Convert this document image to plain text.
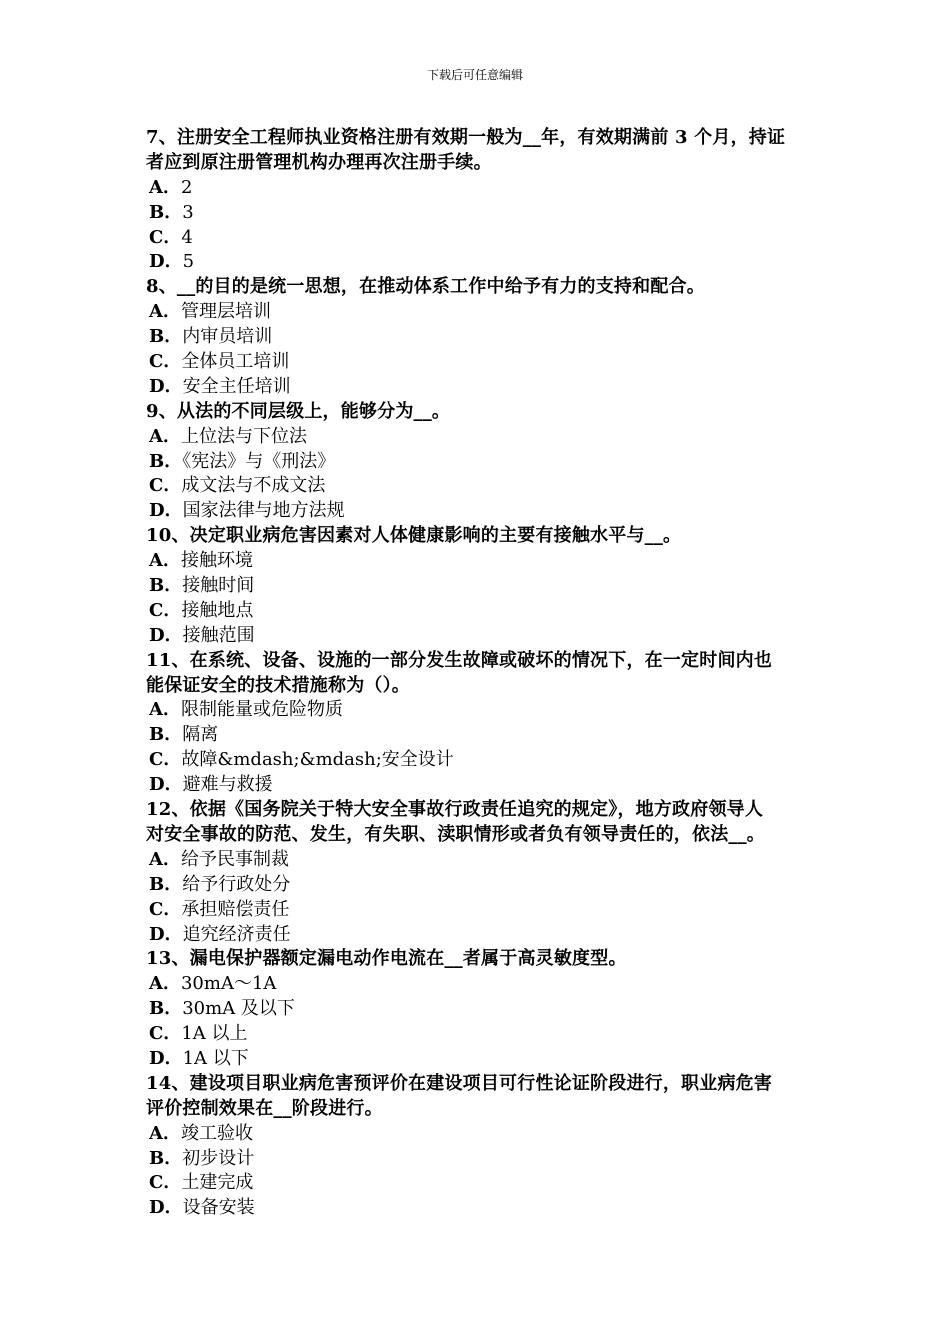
下载后可任意编辑
7、注册安全工程师执业资格注册有效期一般为__年，有效期满前 3 个月，持证
者应到原注册管理机构办理再次注册手续。
A．2
B．3
C．4
D．5
8、__的目的是统一思想，在推动体系工作中给予有力的支持和配合。
A．管理层培训
B．内审员培训
C．全体员工培训
D．安全主任培训
9、从法的不同层级上，能够分为__。
A．上位法与下位法
B．《宪法》与《刑法》
C．成文法与不成文法
D．国家法律与地方法规
10、决定职业病危害因素对人体健康影响的主要有接触水平与__。
A．接触环境
B．接触时间
C．接触地点
D．接触范围
11、在系统、设备、设施的一部分发生故障或破坏的情况下，在一定时间内也
能保证安全的技术措施称为（）。
A．限制能量或危险物质
B．隔离
C．故障&mdash;&mdash;安全设计
D．避难与救援
12、依据《国务院关于特大安全事故行政责任追究的规定》，地方政府领导人
对安全事故的防范、发生，有失职、渎职情形或者负有领导责任的，依法__。
A．给予民事制裁
B．给予行政处分
C．承担赔偿责任
D．追究经济责任
13、漏电保护器额定漏电动作电流在__者属于高灵敏度型。
A．30mA～1A
B．30mA 及以下
C．1A 以上
D．1A 以下
14、建设项目职业病危害预评价在建设项目可行性论证阶段进行，职业病危害
评价控制效果在__阶段进行。
A．竣工验收
B．初步设计
C．土建完成
D．设备安装
